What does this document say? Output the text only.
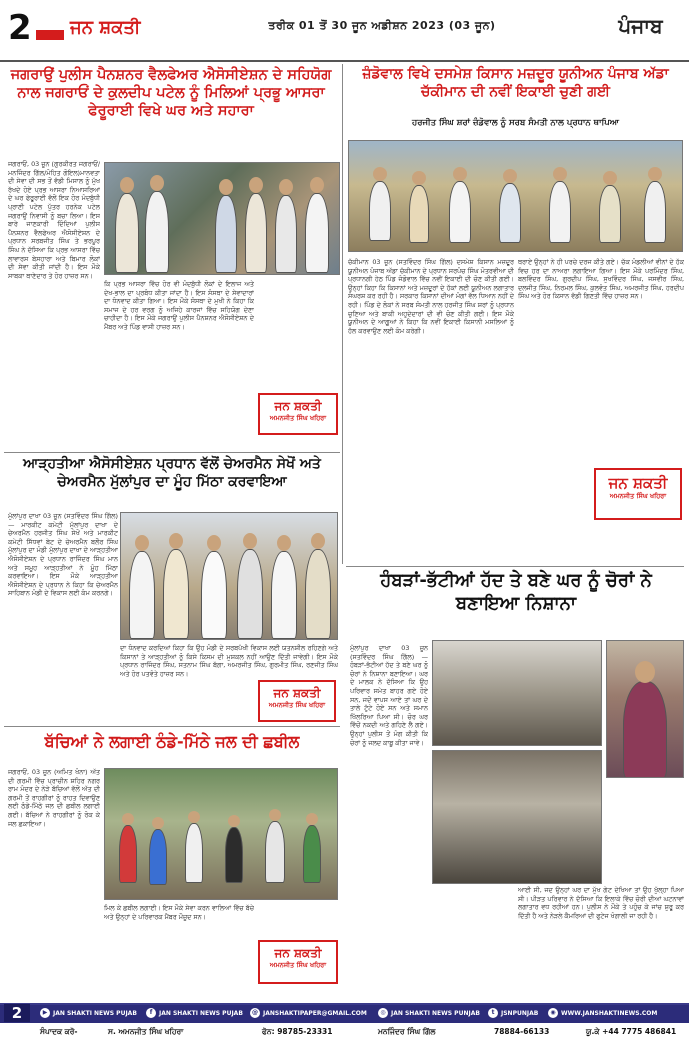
2 ਜਨ ਸ਼ਕਤੀ	ਤਰੀਕ 01 ਤੋਂ 30 ਜੂਨ ਅਡੀਸ਼ਨ 2023 (03 ਜੂਨ)	ਪੰਜਾਬ
ਜਗਰਾਉਂ ਪੁਲੀਸ ਪੈਨਸ਼ਨਰ ਵੈਲਫੇਅਰ ਐਸੋਸੀਏਸ਼ਨ ਦੇ ਸਹਿਯੋਗ ਨਾਲ ਜਗਰਾਓਂ ਦੇ ਕੁਲਦੀਪ ਪਟੇਲ ਨੂੰ ਮਿਲਿਆਂ ਪ੍ਰਭੂ ਆਸਰਾ ਫੇਰੂਰਾਈ ਵਿਖੇ ਘਰ ਅਤੇ ਸਹਾਰਾ
ਜਗਰਾਓਂ, 03 ਜੂਨ (ਗੁਰਕੀਰਤ ਜਗਰਾਓਂ/ ਮਨਜਿੰਦਰ ਗਿੱਲ/ਮੋਹਿਤ ਗੋਇਲ)ਮਾਨਵਤਾ ਦੀ ਸੇਵਾ ਦੀ ਸਭ ਤੋਂ ਵੱਡੀ ਮਿਸਾਲ ਨੂੰ ਮੁੱਖ ਰੱਖਦੇ ਹੋਏ ਪ੍ਰਭ ਆਸਰਾ ਨਿਆਸਰਿਆਂ ਦੇ ਘਰ ਫੇਰੂਰਾਈ ਵੱਲੋਂ ਇਕ ਹੋਰ ਮੰਦਬੁੱਧੀ ਪ੍ਰਾਣੀ ਪਟੇਲ ਪੁੱਤਰ ਹਰਨੇਕ ਪਟੇਲ ਜਗਰਾਉਂ ਨਿਵਾਸੀ ਨੂੰ ਬਚਾ ਲਿਆ। ਇਸ ਬਾਰੇ ਜਾਣਕਾਰੀ ਦਿੰਦਿਆਂ ਪੁਲੀਸ ਪੈਨਸ਼ਨਰ ਵੈਲਫੇਅਰ ਐਸੋਸੀਏਸ਼ਨ ਦੇ ਪ੍ਰਧਾਨ ਸਰਬਜੀਤ ਸਿੰਘ ਤੇ ਭਰਪੂਰ ਸਿੰਘ ਨੇ ਦੱਸਿਆ ਕਿ ਪ੍ਰਭ ਆਸਰਾ ਵਿੱਚ ਲਾਵਾਰਸ ਬੇਸਹਾਰਾ ਅਤੇ ਬਿਮਾਰ ਲੋਕਾਂ ਦੀ ਸੇਵਾ ਕੀਤੀ ਜਾਂਦੀ ਹੈ। ਇਸ ਮੌਕੇ ਸਾਬਕਾ ਥਾਣੇਦਾਰ ਤੇ ਹੋਰ ਹਾਜ਼ਰ ਸਨ।
ਕਿ ਪ੍ਰਭ ਆਸਰਾ ਵਿੱਚ ਹੋਰ ਵੀ ਮੰਦਬੁੱਧੀ ਲੋਕਾਂ ਦੇ ਇਲਾਜ ਅਤੇ ਦੇਖ-ਭਾਲ ਦਾ ਪ੍ਰਬੰਧ ਕੀਤਾ ਜਾਂਦਾ ਹੈ। ਇਸ ਸੰਸਥਾ ਦੇ ਸੇਵਾਦਾਰਾਂ ਦਾ ਧੰਨਵਾਦ ਕੀਤਾ ਗਿਆ। ਇਸ ਮੌਕੇ ਸੰਸਥਾ ਦੇ ਮੁਖੀ ਨੇ ਕਿਹਾ ਕਿ ਸਮਾਜ ਦੇ ਹਰ ਵਰਗ ਨੂੰ ਅਜਿਹੇ ਕਾਰਜਾਂ ਵਿੱਚ ਸਹਿਯੋਗ ਦੇਣਾ ਚਾਹੀਦਾ ਹੈ। ਇਸ ਮੌਕੇ ਜਗਰਾਉਂ ਪੁਲੀਸ ਪੈਨਸ਼ਨਰ ਐਸੋਸੀਏਸ਼ਨ ਦੇ ਮੈਂਬਰ ਅਤੇ ਪਿੰਡ ਵਾਸੀ ਹਾਜ਼ਰ ਸਨ।
ਜਨ ਸ਼ਕਤੀ
ਅਮਨਜੀਤ ਸਿੰਘ ਖਹਿਰਾ
ਜ਼ੰਡੋਵਾਲ ਵਿਖੇ ਦਸਮੇਸ਼ ਕਿਸਾਨ ਮਜ਼ਦੂਰ ਯੂਨੀਅਨ ਪੰਜਾਬ ਅੱਡਾ ਚੱਕੀਮਾਨ ਦੀ ਨਵੀਂ ਇਕਾਈ ਚੁਣੀ ਗਈ
ਹਰਜੀਤ ਸਿੰਘ ਸ਼ਰਾਂ ਜ਼ੰਡੋਵਾਲ ਨੂੰ ਸਰਬ ਸੰਮਤੀ ਨਾਲ ਪ੍ਰਧਾਨ ਥਾਪਿਆ
ਚੱਕੀਮਾਨ 03 ਜੂਨ (ਸਤਵਿੰਦਰ ਸਿੰਘ ਗਿੱਲ) ਦਸਮੇਸ਼ ਕਿਸਾਨ ਮਜ਼ਦੂਰ ਯੂਨੀਅਨ ਪੰਜਾਬ ਅੱਡਾ ਚੱਕੀਮਾਨ ਦੇ ਪ੍ਰਧਾਨ ਸਰਪੰਚ ਸਿੰਘ ਮੋਤਰਵੀਆ ਦੀ ਪ੍ਰਧਾਨਗੀ ਹੇਠ ਪਿੰਡ ਜੰਡੋਵਾਲ ਵਿੱਚ ਨਵੀਂ ਇਕਾਈ ਦੀ ਚੋਣ ਕੀਤੀ ਗਈ। ਉਨ੍ਹਾਂ ਕਿਹਾ ਕਿ ਕਿਸਾਨਾਂ ਅਤੇ ਮਜ਼ਦੂਰਾਂ ਦੇ ਹੱਕਾਂ ਲਈ ਯੂਨੀਅਨ ਲਗਾਤਾਰ ਸੰਘਰਸ਼ ਕਰ ਰਹੀ ਹੈ। ਸਰਕਾਰ ਕਿਸਾਨਾਂ ਦੀਆਂ ਮੰਗਾਂ ਵੱਲ ਧਿਆਨ ਨਹੀਂ ਦੇ ਰਹੀ। ਪਿੰਡ ਦੇ ਲੋਕਾਂ ਨੇ ਸਰਬ ਸੰਮਤੀ ਨਾਲ ਹਰਜੀਤ ਸਿੰਘ ਸ਼ਰਾਂ ਨੂੰ ਪ੍ਰਧਾਨ ਚੁਣਿਆ ਅਤੇ ਬਾਕੀ ਅਹੁਦੇਦਾਰਾਂ ਦੀ ਵੀ ਚੋਣ ਕੀਤੀ ਗਈ। ਇਸ ਮੌਕੇ ਯੂਨੀਅਨ ਦੇ ਆਗੂਆਂ ਨੇ ਕਿਹਾ ਕਿ ਨਵੀਂ ਇਕਾਈ ਕਿਸਾਨੀ ਮਸਲਿਆਂ ਨੂੰ ਹੱਲ ਕਰਵਾਉਣ ਲਈ ਕੰਮ ਕਰੇਗੀ।
ਥਰਾਏ ਉਨ੍ਹਾਂ ਨੇ ਹੀ ਪਰਚੇ ਦਰਜ ਕੀਤੇ ਗਏ। ਚੱਕ ਮੰਡਲੀਆਂ ਵੀਨਾਂ ਦੇ ਹੱਕ ਵਿਚ ਹਰ ਦਾ ਨਾਅਰਾ ਲਗਾਇਆ ਗਿਆ। ਇਸ ਮੌਕੇ ਪਰਮਿੰਦਰ ਸਿੰਘ, ਬਲਵਿੰਦਰ ਸਿੰਘ, ਗੁਰਦੀਪ ਸਿੰਘ, ਸੁਖਵਿੰਦਰ ਸਿੰਘ, ਜਸਵੀਰ ਸਿੰਘ, ਦਲਜੀਤ ਸਿੰਘ, ਨਿਰਮਲ ਸਿੰਘ, ਕੁਲਵੰਤ ਸਿੰਘ, ਅਮਰਜੀਤ ਸਿੰਘ, ਹਰਦੀਪ ਸਿੰਘ ਅਤੇ ਹੋਰ ਕਿਸਾਨ ਵੱਡੀ ਗਿਣਤੀ ਵਿੱਚ ਹਾਜ਼ਰ ਸਨ।
ਜਨ ਸ਼ਕਤੀ
ਅਮਨਜੀਤ ਸਿੰਘ ਖਹਿਰਾ
ਆੜ੍ਹਤੀਆ ਐਸੋਸੀਏਸ਼ਨ ਪ੍ਰਧਾਨ ਵੱਲੋਂ ਚੇਅਰਮੈਨ ਸੇਖੋਂ ਅਤੇ ਚੇਅਰਮੈਨ ਮੁੱਲਾਂਪੁਰ ਦਾ ਮੂੰਹ ਮਿੱਠਾ ਕਰਵਾਇਆ
ਮੁੱਲਾਂਪੁਰ ਦਾਖਾ 03 ਜੂਨ (ਸਤਵਿੰਦਰ ਸਿੰਘ ਗਿੱਲ) — ਮਾਰਕੀਟ ਕਮੇਟੀ ਮੁੱਲਾਂਪੁਰ ਦਾਖਾ ਦੇ ਚੇਅਰਮੈਨ ਹਰਜੀਤ ਸਿੰਘ ਸੇਖੋਂ ਅਤੇ ਮਾਰਕੀਟ ਕਮੇਟੀ ਸਿੱਧਵਾਂ ਬੇਟ ਦੇ ਚੇਅਰਮੈਨ ਬਲੌਰ ਸਿੰਘ ਮੁੱਲਾਂਪੁਰ ਦਾ ਮੰਡੀ ਮੁੱਲਾਂਪੁਰ ਦਾਖਾ ਦੇ ਆੜ੍ਹਤੀਆ ਐਸੋਸੀਏਸ਼ਨ ਦੇ ਪ੍ਰਧਾਨ ਰਾਜਿੰਦਰ ਸਿੰਘ ਮਾਨ ਅਤੇ ਸਮੂਹ ਆੜ੍ਹਤੀਆਂ ਨੇ ਮੂੰਹ ਮਿੱਠਾ ਕਰਵਾਇਆ। ਇਸ ਮੌਕੇ ਆੜ੍ਹਤੀਆ ਐਸੋਸੀਏਸ਼ਨ ਦੇ ਪ੍ਰਧਾਨ ਨੇ ਕਿਹਾ ਕਿ ਚੇਅਰਮੈਨ ਸਾਹਿਬਾਨ ਮੰਡੀ ਦੇ ਵਿਕਾਸ ਲਈ ਕੰਮ ਕਰਨਗੇ।
ਦਾ ਧੰਨਵਾਦ ਕਰਦਿਆਂ ਕਿਹਾ ਕਿ ਉਹ ਮੰਡੀ ਦੇ ਸਰਬਪੱਖੀ ਵਿਕਾਸ ਲਈ ਯਤਨਸ਼ੀਲ ਰਹਿਣਗੇ ਅਤੇ ਕਿਸਾਨਾਂ ਤੇ ਆੜ੍ਹਤੀਆਂ ਨੂੰ ਕਿਸੇ ਕਿਸਮ ਦੀ ਮੁਸ਼ਕਲ ਨਹੀਂ ਆਉਣ ਦਿੱਤੀ ਜਾਵੇਗੀ। ਇਸ ਮੌਕੇ ਪ੍ਰਧਾਨ ਰਾਜਿੰਦਰ ਸਿੰਘ, ਸਤਨਾਮ ਸਿੰਘ ਬੱਗਾ, ਅਮਰਜੀਤ ਸਿੰਘ, ਗੁਰਮੀਤ ਸਿੰਘ, ਰਣਜੀਤ ਸਿੰਘ ਅਤੇ ਹੋਰ ਪਤਵੰਤੇ ਹਾਜ਼ਰ ਸਨ।
ਜਨ ਸ਼ਕਤੀ
ਅਮਨਜੀਤ ਸਿੰਘ ਖਹਿਰਾ
ਹੰਬੜਾਂ-ਭੱਟੀਆਂ ਹੱਦ ਤੇ ਬਣੇ ਘਰ ਨੂੰ ਚੋਰਾਂ ਨੇ ਬਣਾਇਆ ਨਿਸ਼ਾਨਾ
ਮੁੱਲਾਂਪੁਰ ਦਾਖਾ 03 ਜੂਨ (ਸਤਵਿੰਦਰ ਸਿੰਘ ਗਿੱਲ) — ਹੰਬੜਾਂ-ਭੱਟੀਆਂ ਹੱਦ ਤੇ ਬਣੇ ਘਰ ਨੂੰ ਚੋਰਾਂ ਨੇ ਨਿਸ਼ਾਨਾ ਬਣਾਇਆ। ਘਰ ਦੇ ਮਾਲਕ ਨੇ ਦੱਸਿਆ ਕਿ ਉਹ ਪਰਿਵਾਰ ਸਮੇਤ ਬਾਹਰ ਗਏ ਹੋਏ ਸਨ, ਜਦੋਂ ਵਾਪਸ ਆਏ ਤਾਂ ਘਰ ਦੇ ਤਾਲੇ ਟੁੱਟੇ ਹੋਏ ਸਨ ਅਤੇ ਸਮਾਨ ਖਿੱਲਰਿਆ ਪਿਆ ਸੀ। ਚੋਰ ਘਰ ਵਿੱਚੋਂ ਨਕਦੀ ਅਤੇ ਗਹਿਣੇ ਲੈ ਗਏ। ਉਨ੍ਹਾਂ ਪੁਲੀਸ ਤੋਂ ਮੰਗ ਕੀਤੀ ਕਿ ਚੋਰਾਂ ਨੂੰ ਜਲਦ ਕਾਬੂ ਕੀਤਾ ਜਾਵੇ।
ਆਈ ਸੀ, ਜਦ ਉਨ੍ਹਾਂ ਘਰ ਦਾ ਮੁੱਖ ਗੇਟ ਦੇਖਿਆ ਤਾਂ ਉਹ ਖੁੱਲ੍ਹਾ ਪਿਆ ਸੀ। ਪੀੜਤ ਪਰਿਵਾਰ ਨੇ ਦੱਸਿਆ ਕਿ ਇਲਾਕੇ ਵਿੱਚ ਚੋਰੀ ਦੀਆਂ ਘਟਨਾਵਾਂ ਲਗਾਤਾਰ ਵਧ ਰਹੀਆਂ ਹਨ। ਪੁਲੀਸ ਨੇ ਮੌਕੇ ਤੇ ਪਹੁੰਚ ਕੇ ਜਾਂਚ ਸ਼ੁਰੂ ਕਰ ਦਿੱਤੀ ਹੈ ਅਤੇ ਨੇੜਲੇ ਕੈਮਰਿਆਂ ਦੀ ਫੁਟੇਜ ਖੰਗਾਲੀ ਜਾ ਰਹੀ ਹੈ।
ਬੱਚਿਆਂ ਨੇ ਲਗਾਈ ਠੰਡੇ-ਮਿੱਠੇ ਜਲ ਦੀ ਛਬੀਲ
ਜਗਰਾਓਂ, 03 ਜੂਨ (ਅਮਿਤ ਖੰਨਾ) ਅੱਤ ਦੀ ਗਰਮੀ ਵਿੱਚ ਪ੍ਰਾਚੀਨ ਸ਼ਹਿਰ ਨਗਰ ਰਾਮ ਮੰਦਰ ਦੇ ਨੇੜੇ ਬੱਚਿਆਂ ਵੱਲੋਂ ਅੱਤ ਦੀ ਗਰਮੀ ਤੋਂ ਰਾਹਗੀਰਾਂ ਨੂੰ ਰਾਹਤ ਦਿਵਾਉਣ ਲਈ ਠੰਡੇ-ਮਿੱਠੇ ਜਲ ਦੀ ਛਬੀਲ ਲਗਾਈ ਗਈ। ਬੱਚਿਆਂ ਨੇ ਰਾਹਗੀਰਾਂ ਨੂੰ ਰੋਕ ਕੇ ਜਲ ਛਕਾਇਆ।
ਮਿਲ ਕੇ ਛਬੀਲ ਲਗਾਈ। ਇਸ ਮੌਕੇ ਸੇਵਾ ਕਰਨ ਵਾਲਿਆਂ ਵਿੱਚ ਬੱਚੇ ਅਤੇ ਉਨ੍ਹਾਂ ਦੇ ਪਰਿਵਾਰਕ ਮੈਂਬਰ ਮੌਜੂਦ ਸਨ।
ਜਨ ਸ਼ਕਤੀ
ਅਮਨਜੀਤ ਸਿੰਘ ਖਹਿਰਾ
2	▶ JAN SHAKTI NEWS PUJAB	f	JAN SHAKTI NEWS PUJAB	@ JANSHAKTIPAPER@GMAIL.COM	◎ JAN SHAKTI NEWS PUNJAB	t	JSNPUNJAB	◉ WWW.JANSHAKTINEWS.COM
ਸੰਪਾਦਕ ਕਰੋ-	ਸ. ਅਮਨਜੀਤ ਸਿੰਘ ਖਹਿਰਾ	ਫੋਨ: 98785-23331	ਮਨਜਿੰਦਰ ਸਿੰਘ ਗਿੱਲ	78884-66133	ਯੂ.ਕੇ +44 7775 486841
